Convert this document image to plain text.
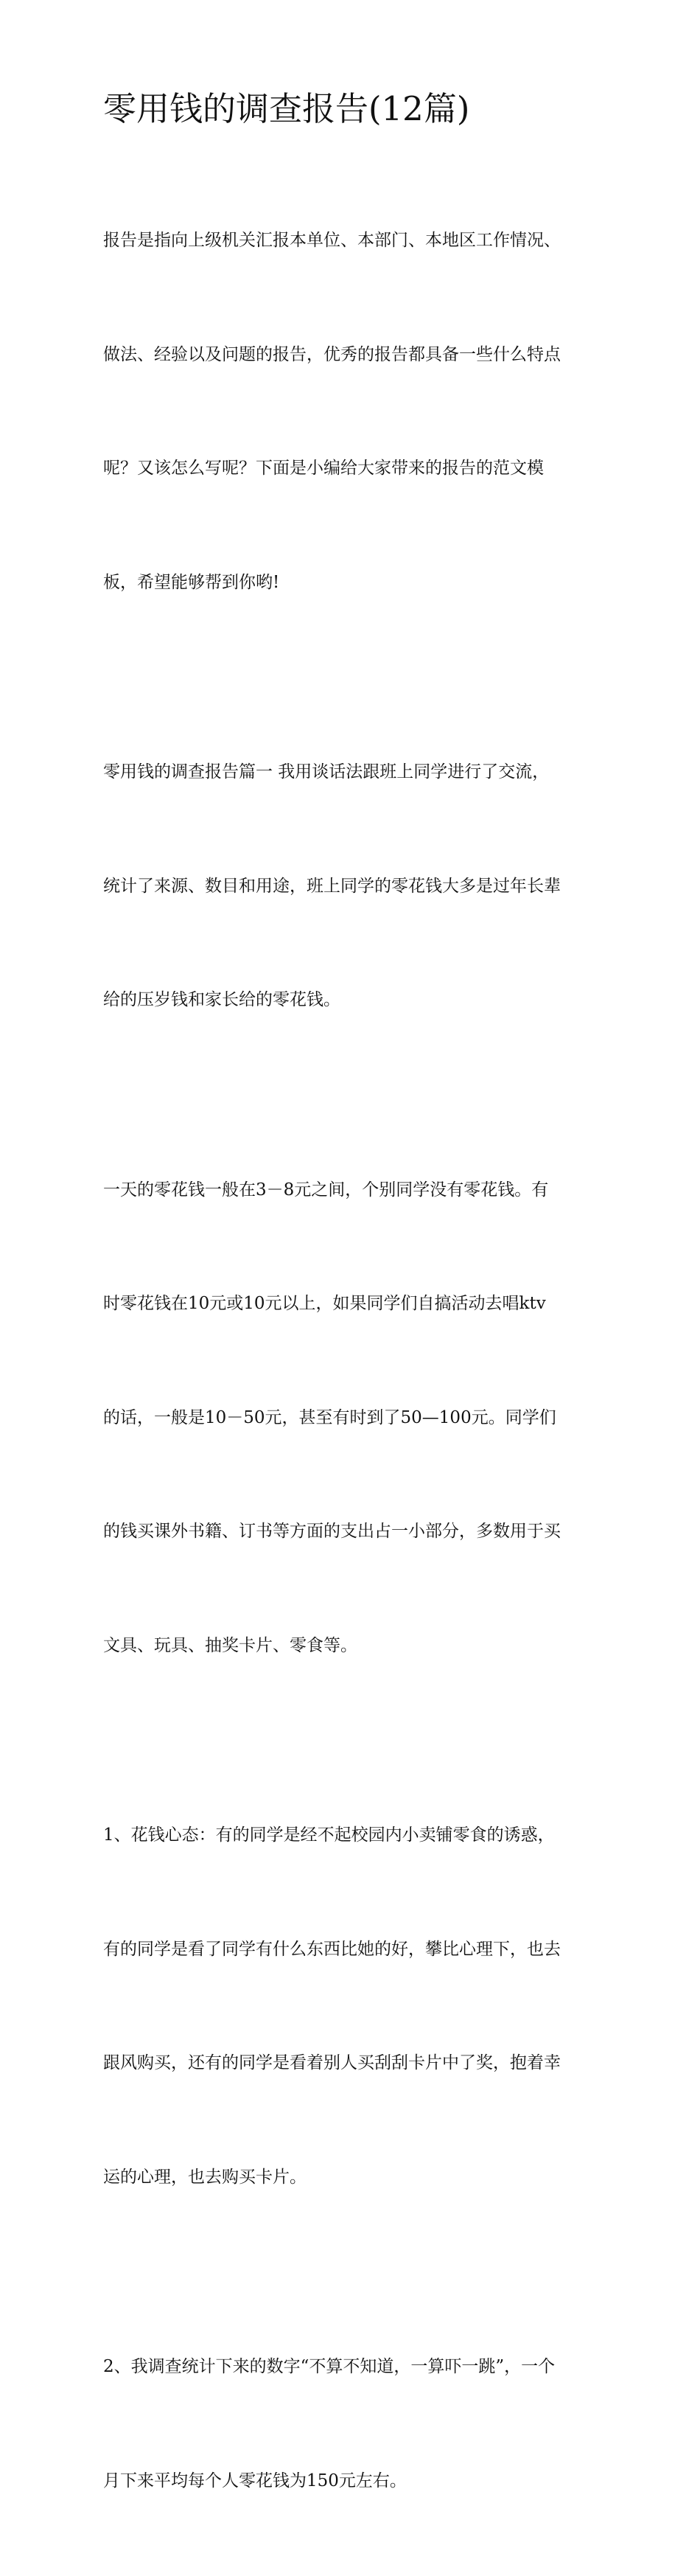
零用钱的调查报告(12篇)

报告是指向上级机关汇报本单位、本部门、本地区工作情况、

做法、经验以及问题的报告，优秀的报告都具备一些什么特点

呢？又该怎么写呢？下面是小编给大家带来的报告的范文模

板，希望能够帮到你哟!

零用钱的调查报告篇一 我用谈话法跟班上同学进行了交流，

统计了来源、数目和用途，班上同学的零花钱大多是过年长辈

给的压岁钱和家长给的零花钱。

一天的零花钱一般在3－8元之间，个别同学没有零花钱。有

时零花钱在10元或10元以上，如果同学们自搞活动去唱ktv

的话，一般是10－50元，甚至有时到了50—100元。同学们

的钱买课外书籍、订书等方面的支出占一小部分，多数用于买

文具、玩具、抽奖卡片、零食等。

1、花钱心态：有的同学是经不起校园内小卖铺零食的诱惑，

有的同学是看了同学有什么东西比她的好，攀比心理下，也去

跟风购买，还有的同学是看着别人买刮刮卡片中了奖，抱着幸

运的心理，也去购买卡片。

2、我调查统计下来的数字“不算不知道，一算吓一跳”，一个

月下来平均每个人零花钱为150元左右。
